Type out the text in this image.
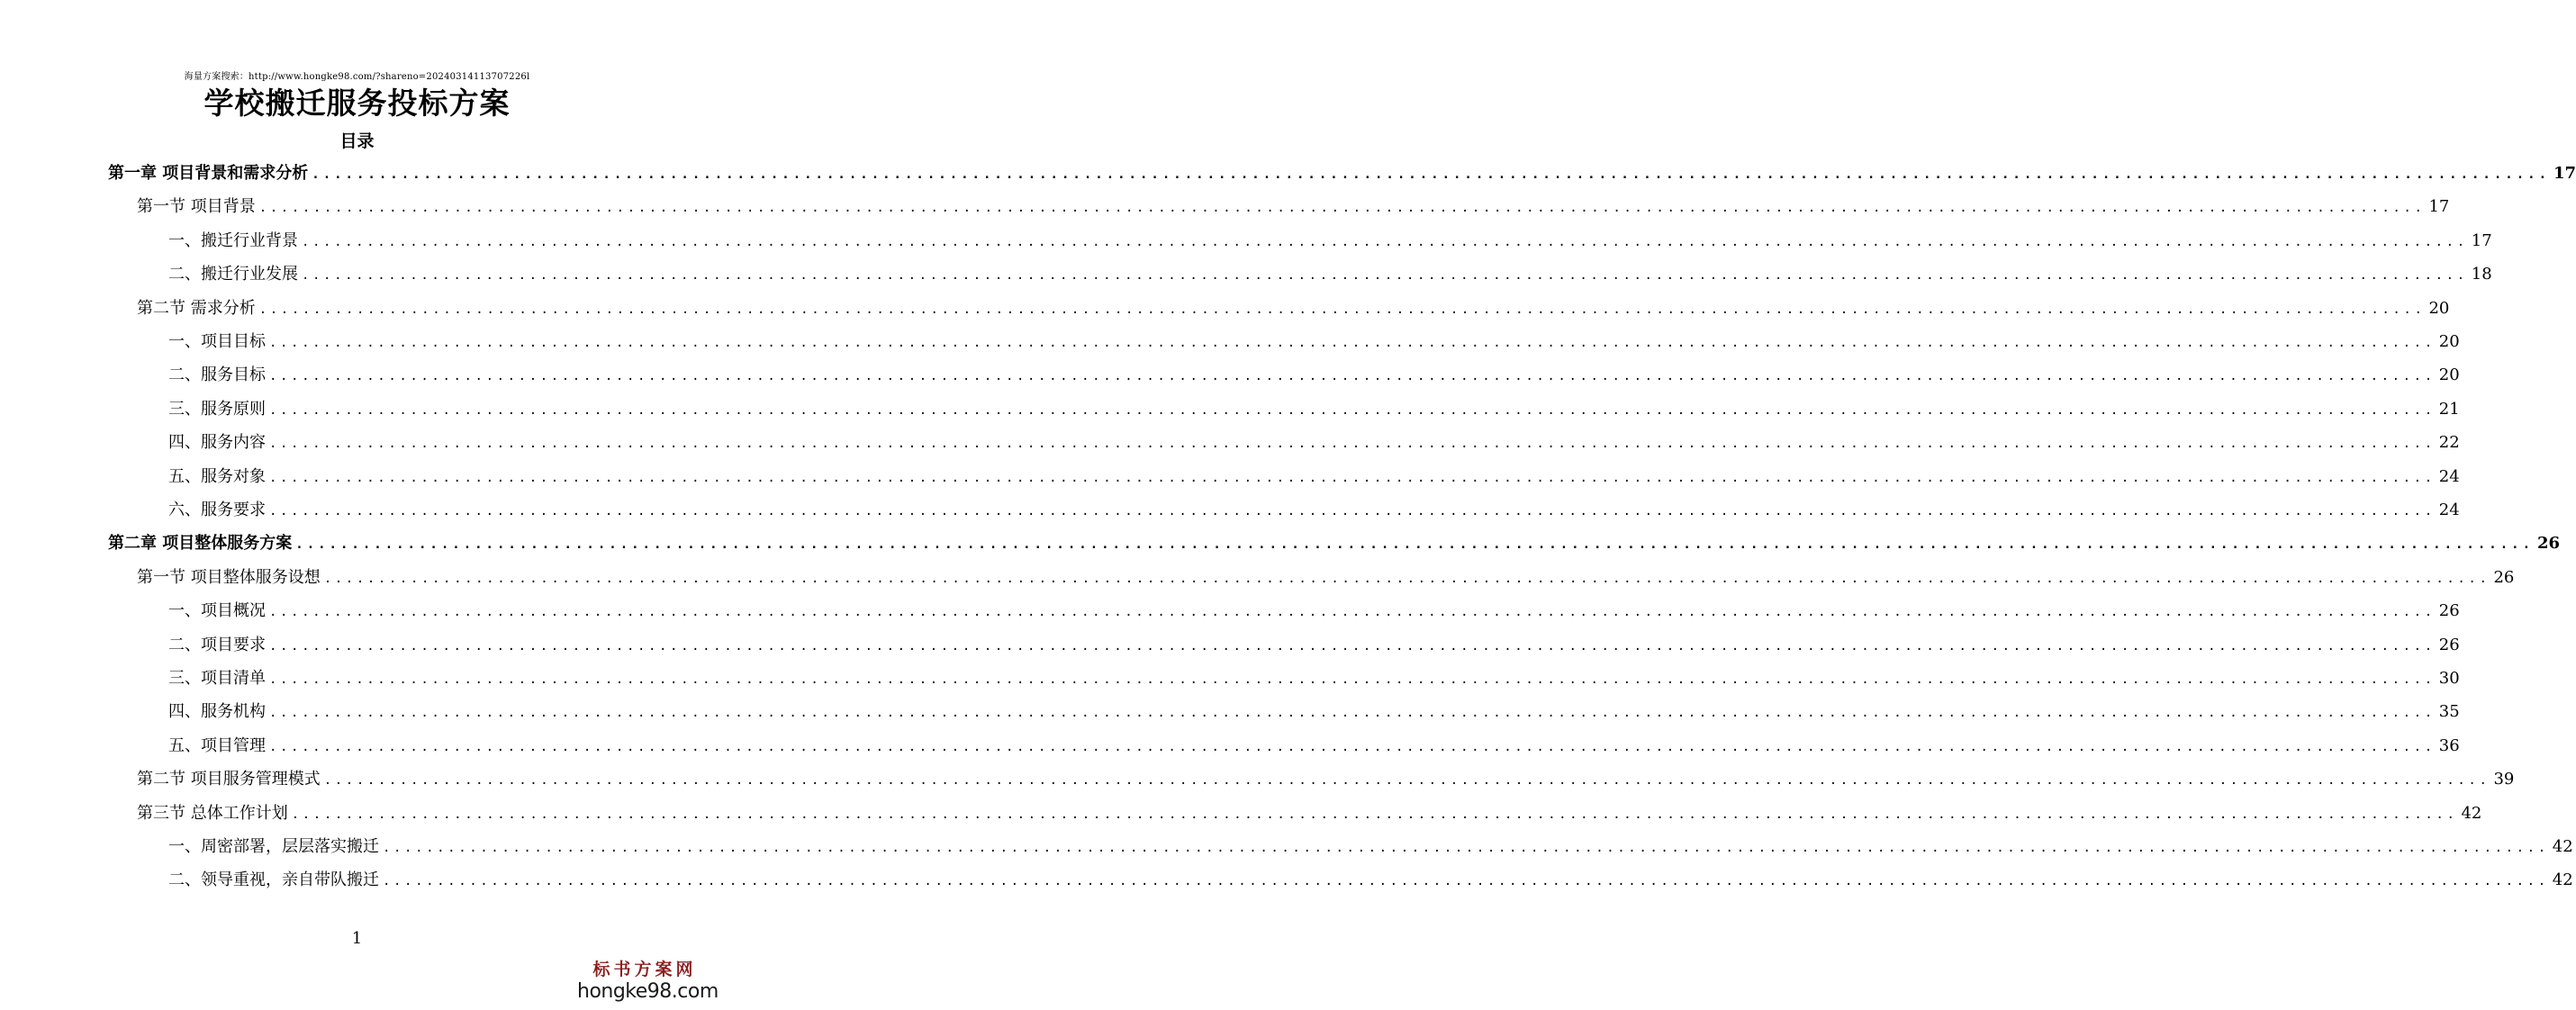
海量方案搜索：http://www.hongke98.com/?shareno=20240314113707226l
学校搬迁服务投标方案
目录
第一章 项目背景和需求分析 ........................................................................................................................................................................................................ 17
第一节 项目背景 ........................................................................................................................................................................................................ 17
一、搬迁行业背景 ........................................................................................................................................................................................................ 17
二、搬迁行业发展 ........................................................................................................................................................................................................ 18
第二节 需求分析 ........................................................................................................................................................................................................ 20
一、项目目标 ........................................................................................................................................................................................................ 20
二、服务目标 ........................................................................................................................................................................................................ 20
三、服务原则 ........................................................................................................................................................................................................ 21
四、服务内容 ........................................................................................................................................................................................................ 22
五、服务对象 ........................................................................................................................................................................................................ 24
六、服务要求 ........................................................................................................................................................................................................ 24
第二章 项目整体服务方案 ........................................................................................................................................................................................................ 26
第一节 项目整体服务设想 ........................................................................................................................................................................................................ 26
一、项目概况 ........................................................................................................................................................................................................ 26
二、项目要求 ........................................................................................................................................................................................................ 26
三、项目清单 ........................................................................................................................................................................................................ 30
四、服务机构 ........................................................................................................................................................................................................ 35
五、项目管理 ........................................................................................................................................................................................................ 36
第二节 项目服务管理模式 ........................................................................................................................................................................................................ 39
第三节 总体工作计划 ........................................................................................................................................................................................................ 42
一、周密部署，层层落实搬迁 ........................................................................................................................................................................................................ 42
二、领导重视，亲自带队搬迁 ........................................................................................................................................................................................................ 42
1
标书方案网
hongke98.com
